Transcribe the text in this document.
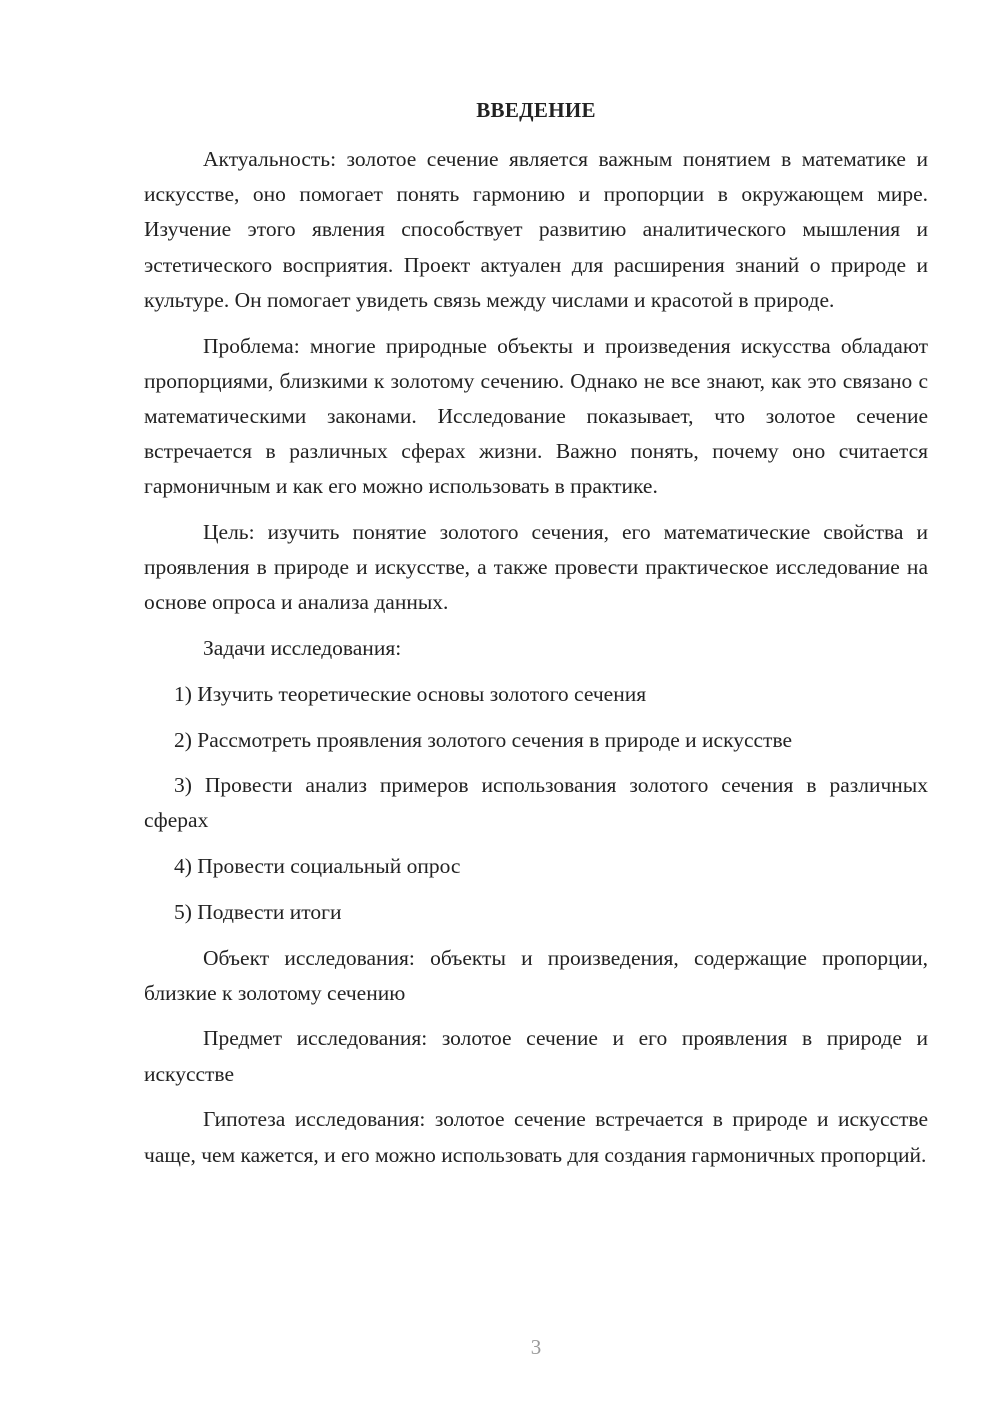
ВВЕДЕНИЕ

Актуальность: золотое сечение является важным понятием в математике и искусстве, оно помогает понять гармонию и пропорции в окружающем мире. Изучение этого явления способствует развитию аналитического мышления и эстетического восприятия. Проект актуален для расширения знаний о природе и культуре. Он помогает увидеть связь между числами и красотой в природе.

Проблема: многие природные объекты и произведения искусства обладают пропорциями, близкими к золотому сечению. Однако не все знают, как это связано с математическими законами. Исследование показывает, что золотое сечение встречается в различных сферах жизни. Важно понять, почему оно считается гармоничным и как его можно использовать в практике.

Цель: изучить понятие золотого сечения, его математические свойства и проявления в природе и искусстве, а также провести практическое исследование на основе опроса и анализа данных.

Задачи исследования:

1) Изучить теоретические основы золотого сечения

2) Рассмотреть проявления золотого сечения в природе и искусстве

3) Провести анализ примеров использования золотого сечения в различных сферах

4) Провести социальный опрос

5) Подвести итоги

Объект исследования: объекты и произведения, содержащие пропорции, близкие к золотому сечению

Предмет исследования: золотое сечение и его проявления в природе и искусстве

Гипотеза исследования: золотое сечение встречается в природе и искусстве чаще, чем кажется, и его можно использовать для создания гармоничных пропорций.

3
